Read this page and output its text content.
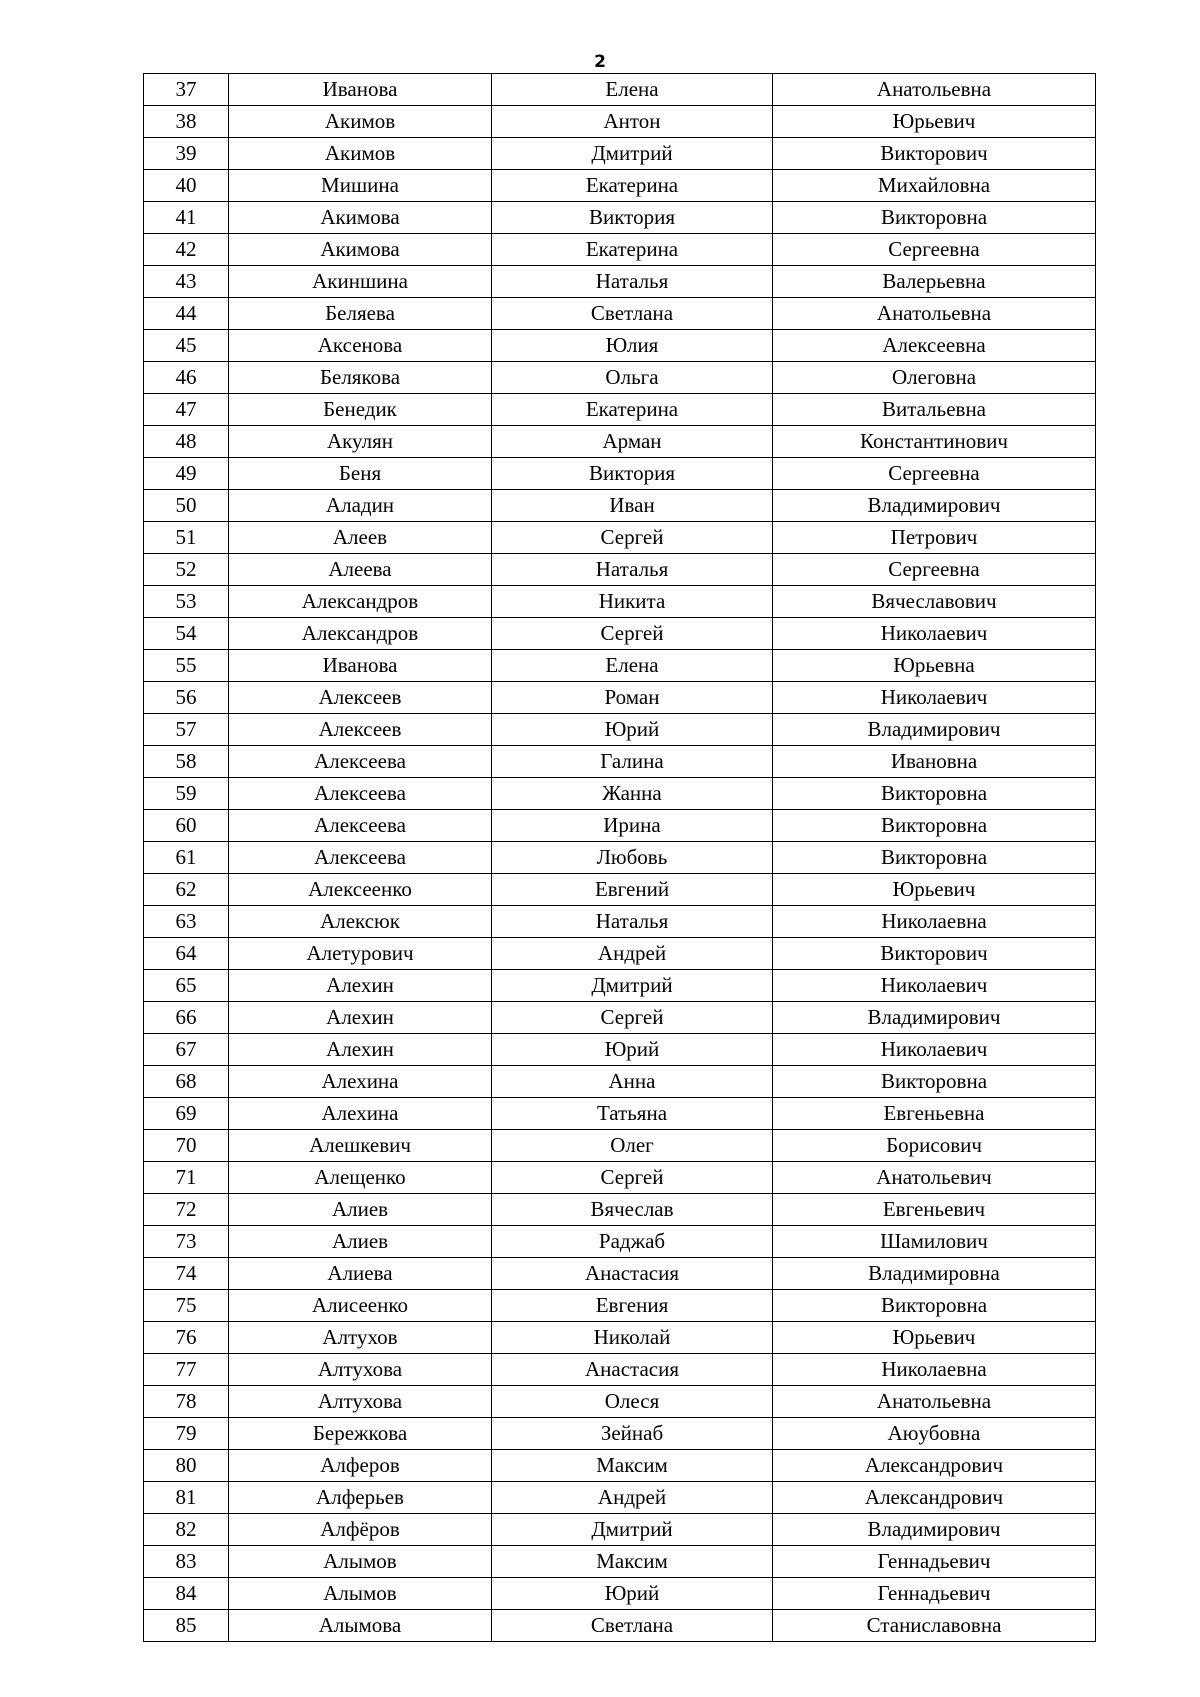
2
37	Иванова	Елена	Анатольевна
38	Акимов	Антон	Юрьевич
39	Акимов	Дмитрий	Викторович
40	Мишина	Екатерина	Михайловна
41	Акимова	Виктория	Викторовна
42	Акимова	Екатерина	Сергеевна
43	Акиншина	Наталья	Валерьевна
44	Беляева	Светлана	Анатольевна
45	Аксенова	Юлия	Алексеевна
46	Белякова	Ольга	Олеговна
47	Бенедик	Екатерина	Витальевна
48	Акулян	Арман	Константинович
49	Беня	Виктория	Сергеевна
50	Аладин	Иван	Владимирович
51	Алеев	Сергей	Петрович
52	Алеева	Наталья	Сергеевна
53	Александров	Никита	Вячеславович
54	Александров	Сергей	Николаевич
55	Иванова	Елена	Юрьевна
56	Алексеев	Роман	Николаевич
57	Алексеев	Юрий	Владимирович
58	Алексеева	Галина	Ивановна
59	Алексеева	Жанна	Викторовна
60	Алексеева	Ирина	Викторовна
61	Алексеева	Любовь	Викторовна
62	Алексеенко	Евгений	Юрьевич
63	Алексюк	Наталья	Николаевна
64	Алетурович	Андрей	Викторович
65	Алехин	Дмитрий	Николаевич
66	Алехин	Сергей	Владимирович
67	Алехин	Юрий	Николаевич
68	Алехина	Анна	Викторовна
69	Алехина	Татьяна	Евгеньевна
70	Алешкевич	Олег	Борисович
71	Алещенко	Сергей	Анатольевич
72	Алиев	Вячеслав	Евгеньевич
73	Алиев	Раджаб	Шамилович
74	Алиева	Анастасия	Владимировна
75	Алисеенко	Евгения	Викторовна
76	Алтухов	Николай	Юрьевич
77	Алтухова	Анастасия	Николаевна
78	Алтухова	Олеся	Анатольевна
79	Бережкова	Зейнаб	Аюубовна
80	Алферов	Максим	Александрович
81	Алферьев	Андрей	Александрович
82	Алфёров	Дмитрий	Владимирович
83	Алымов	Максим	Геннадьевич
84	Алымов	Юрий	Геннадьевич
85	Алымова	Светлана	Станиславовна
